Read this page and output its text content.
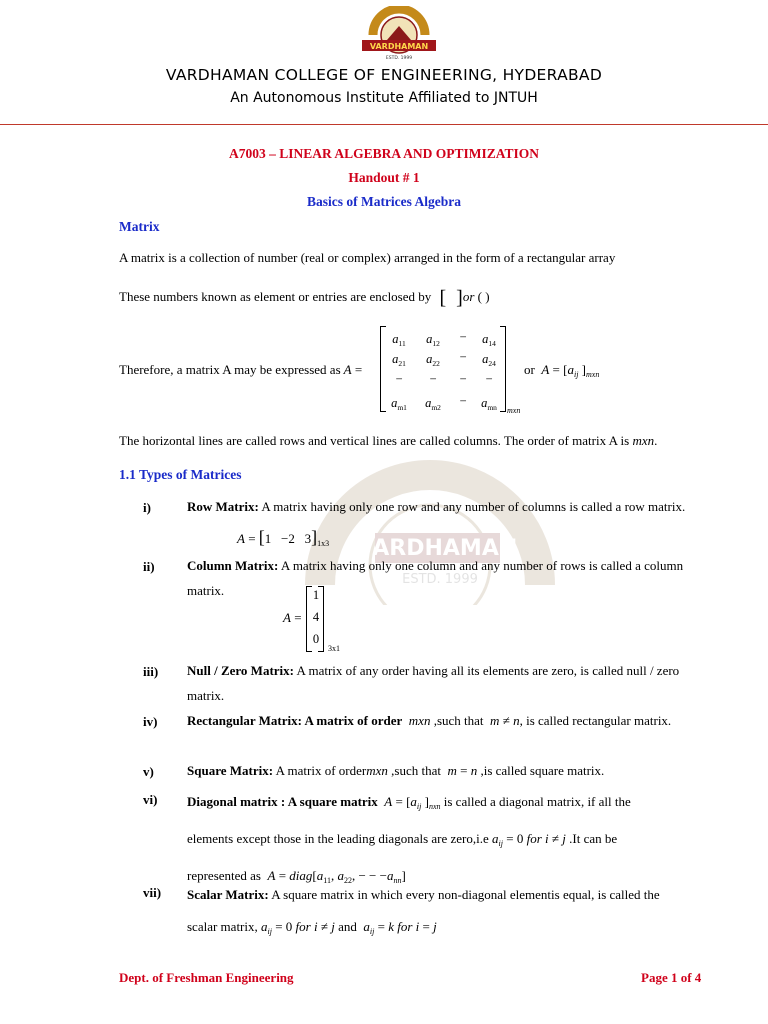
VARDHAMAN
ESTD. 1999
VARDHAMAN COLLEGE OF ENGINEERING, HYDERABAD
An Autonomous Institute Affiliated to JNTUH
VARDHAMAN
ESTD. 1999
A7003 – LINEAR ALGEBRA AND OPTIMIZATION
Handout # 1
Basics of Matrices Algebra
Matrix
A matrix is a collection of number (real or complex) arranged in the form of a rectangular array
These numbers known as element or entries are enclosed by  [  ]or ( )
Therefore, a matrix A may be expressed as A =
$a_{11}$	$a_{12}$	−	$a_{14}$
$a_{21}$	$a_{22}$	−	$a_{24}$
−	−	−	−
$a_{m1}$	$a_{m2}$	−	$a_{mn}$	mxn
or $A = [a_{ij}$ ]$_{mxn}$
The horizontal lines are called rows and vertical lines are called columns. The order of matrix A is mxn.
1.1 Types of Matrices
i)	Row Matrix: A matrix having only one row and any number of columns is called a row matrix.
A = [1   −2   $3]_{1x3}$
ii) Column Matrix: A matrix having only one column and any number of rows is called a column matrix.
A =
1
4
0
3x1
iii) Null / Zero Matrix: A matrix of any order having all its elements are zero, is called null / zero matrix.
iv) Rectangular Matrix: A matrix of order mxn ,such that m ≠ n, is called rectangular matrix.
v)	Square Matrix: A matrix of ordermxn ,such that m = n ,is called square matrix.
vi) Diagonal matrix : A square matrix $A = [a_{ij}$ ]$_{nxn}$ is called a diagonal matrix, if all the
elements except those in the leading diagonals are zero,i.e $a_{ij} = 0$ for i ≠ j .It can be
represented as $A = diag[a_{11}$, $a_{22}$, − − $-a_{nn}$]
vii) Scalar Matrix: A square matrix in which every non-diagonal elementis equal, is called the
scalar matrix, $a_{ij} = 0$ for i ≠ j and $a_{ij} = k$ for i = j
Dept. of Freshman Engineering	Page 1 of 4
